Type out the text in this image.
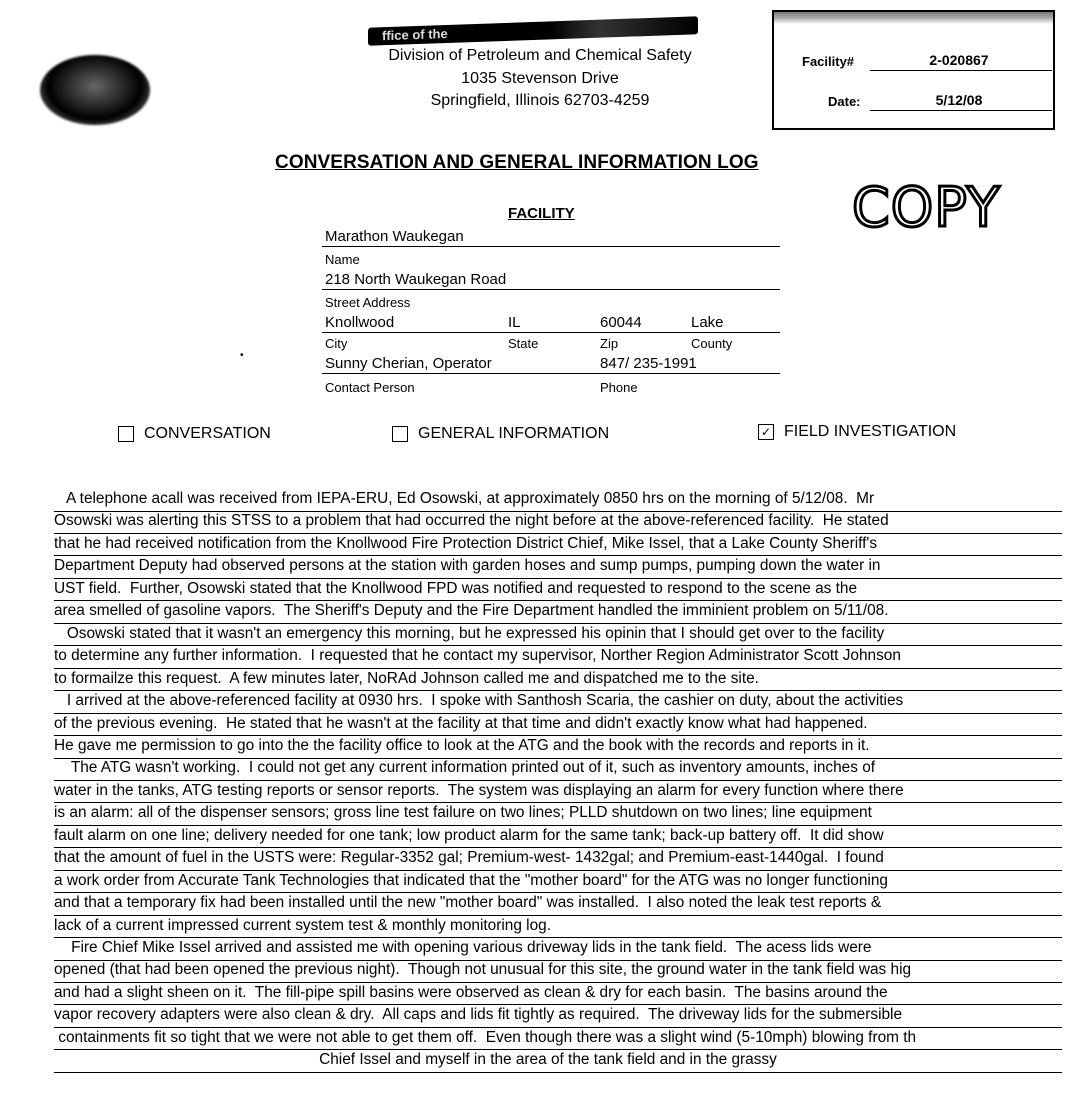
ffice of the
Division of Petroleum and Chemical Safety
1035 Stevenson Drive
Springfield, Illinois 62703-4259
Facility#	2-020867
Date:	5/12/08
CONVERSATION AND GENERAL INFORMATION LOG
COPY
FACILITY
Marathon Waukegan
Name
218 North Waukegan Road
Street Address
Knollwood	IL	60044	Lake
City	State	Zip	County
Sunny Cherian, Operator	847/ 235-1991
Contact Person	Phone
•
CONVERSATION	GENERAL INFORMATION	✓ FIELD INVESTIGATION
A telephone acall was received from IEPA-ERU, Ed Osowski, at approximately 0850 hrs on the morning of 5/12/08.  Mr
Osowski was alerting this STSS to a problem that had occurred the night before at the above-referenced facility.  He stated
that he had received notification from the Knollwood Fire Protection District Chief, Mike Issel, that a Lake County Sheriff's
Department Deputy had observed persons at the station with garden hoses and sump pumps, pumping down the water in
UST field.  Further, Osowski stated that the Knollwood FPD was notified and requested to respond to the scene as the
area smelled of gasoline vapors.  The Sheriff's Deputy and the Fire Department handled the imminient problem on 5/11/08.
Osowski stated that it wasn't an emergency this morning, but he expressed his opinin that I should get over to the facility
to determine any further information.  I requested that he contact my supervisor, Norther Region Administrator Scott Johnson
to formailze this request.  A few minutes later, NoRAd Johnson called me and dispatched me to the site.
I arrived at the above-referenced facility at 0930 hrs.  I spoke with Santhosh Scaria, the cashier on duty, about the activities
of the previous evening.  He stated that he wasn't at the facility at that time and didn't exactly know what had happened.
He gave me permission to go into the the facility office to look at the ATG and the book with the records and reports in it.
The ATG wasn't working.  I could not get any current information printed out of it, such as inventory amounts, inches of
water in the tanks, ATG testing reports or sensor reports.  The system was displaying an alarm for every function where there
is an alarm: all of the dispenser sensors; gross line test failure on two lines; PLLD shutdown on two lines; line equipment
fault alarm on one line; delivery needed for one tank; low product alarm for the same tank; back-up battery off.  It did show
that the amount of fuel in the USTS were: Regular-3352 gal; Premium-west- 1432gal; and Premium-east-1440gal.  I found
a work order from Accurate Tank Technologies that indicated that the "mother board" for the ATG was no longer functioning
and that a temporary fix had been installed until the new "mother board" was installed.  I also noted the leak test reports &
lack of a current impressed current system test & monthly monitoring log.
Fire Chief Mike Issel arrived and assisted me with opening various driveway lids in the tank field.  The acess lids were
opened (that had been opened the previous night).  Though not unusual for this site, the ground water in the tank field was hig
and had a slight sheen on it.  The fill-pipe spill basins were observed as clean & dry for each basin.  The basins around the
vapor recovery adapters were also clean & dry.  All caps and lids fit tightly as required.  The driveway lids for the submersible
containments fit so tight that we were not able to get them off.  Even though there was a slight wind (5-10mph) blowing from th
Chief Issel and myself in the area of the tank field and in the grassy
